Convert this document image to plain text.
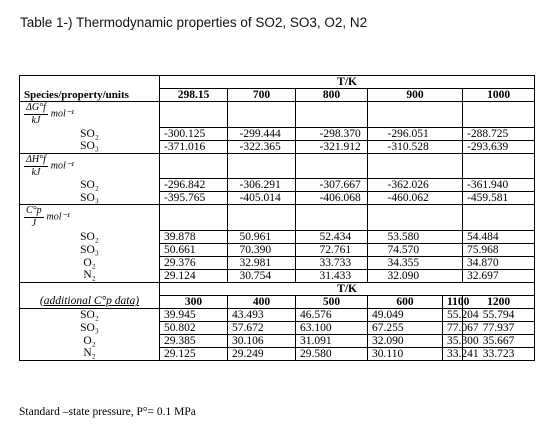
Table 1-) Thermodynamic properties of SO2, SO3, O2, N2
	T/K								
Species/property/units	298.15	700		800		900			1000

$\frac{\Delta G^\circ f}{kJ} mol^{-1}$									
SO₂	-300.125		-299.444		-298.370		-296.051		-288.725
SO₃	-371.016		-322.365		-321.912		-310.528		-293.639

$\frac{\Delta H^\circ f}{kJ} mol^{-1}$									
SO₂	-296.842		-306.291		-307.667		-362.026		-361.940
SO₃	-395.765		-405.014		-406.068		-460.062		-459.581

$\frac{C^\circ p}{J} mol^{-1}$									
SO₂	39.878		50.961		52.434		53.580		54.484
SO₃	50.661		70.390		72.761		74.570		75.968
O₂	29.376		32.981		33.733		34.355		34.870
N₂	29.124		30.754		31.433		32.090		32.697
	T/K								
(additional C°p data)	300	400		500		600		1100	1200
SO₂	39.945	43.493		46.576		49.049		55.204	55.794
SO₃	50.802	57.672		63.100		67.255		77.067	77.937
O₂	29.385	30.106		31.091		32.090		35.300	35.667
N₂	29.125	29.249		29.580		30.110		33.241	33.723
Standard –state pressure, P°= 0.1 MPa
